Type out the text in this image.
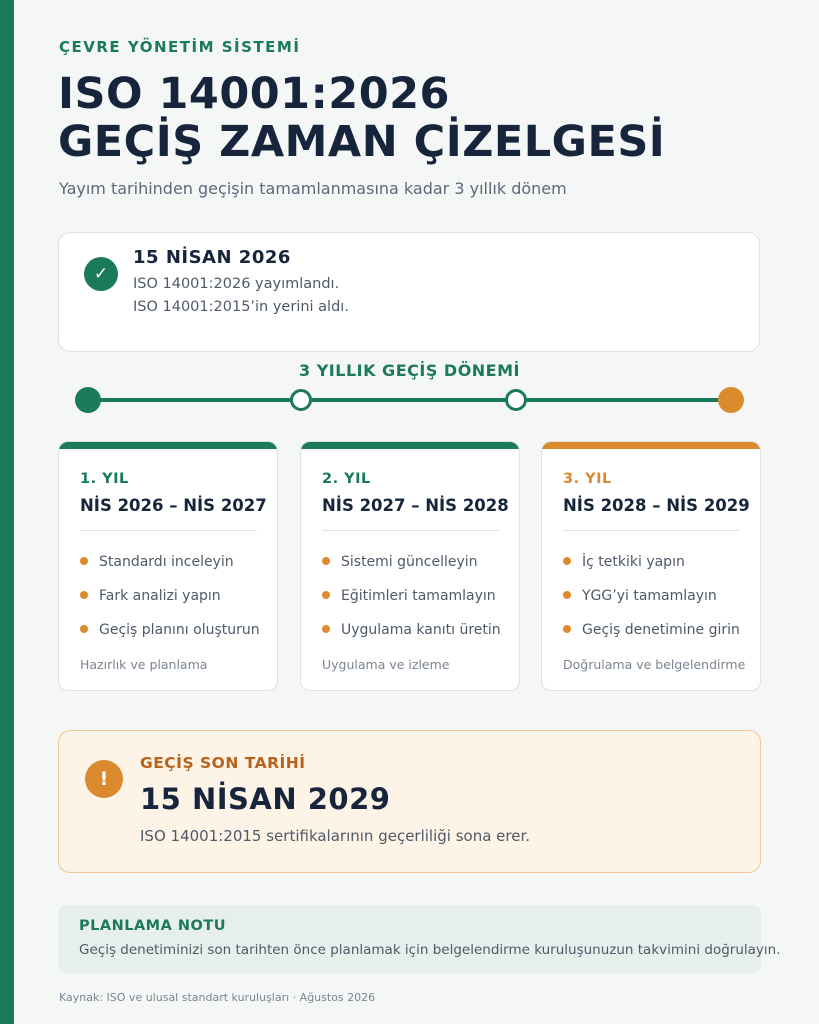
ÇEVRE YÖNETİM SİSTEMİ
ISO 14001:2026
GEÇİŞ ZAMAN ÇİZELGESİ
Yayım tarihinden geçişin tamamlanmasına kadar 3 yıllık dönem
✓
15 NİSAN 2026
ISO 14001:2026 yayımlandı.
ISO 14001:2015’in yerini aldı.
3 YILLIK GEÇİŞ DÖNEMİ
1. YIL
NİS 2026 – NİS 2027
Standardı inceleyin
Fark analizi yapın
Geçiş planını oluşturun
Hazırlık ve planlama
2. YIL
NİS 2027 – NİS 2028
Sistemi güncelleyin
Eğitimleri tamamlayın
Uygulama kanıtı üretin
Uygulama ve izleme
3. YIL
NİS 2028 – NİS 2029
İç tetkiki yapın
YGG’yi tamamlayın
Geçiş denetimine girin
Doğrulama ve belgelendirme
!
GEÇİŞ SON TARİHİ
15 NİSAN 2029
ISO 14001:2015 sertifikalarının geçerliliği sona erer.
PLANLAMA NOTU
Geçiş denetiminizi son tarihten önce planlamak için belgelendirme kuruluşunuzun takvimini doğrulayın.
Kaynak: ISO ve ulusal standart kuruluşları · Ağustos 2026
